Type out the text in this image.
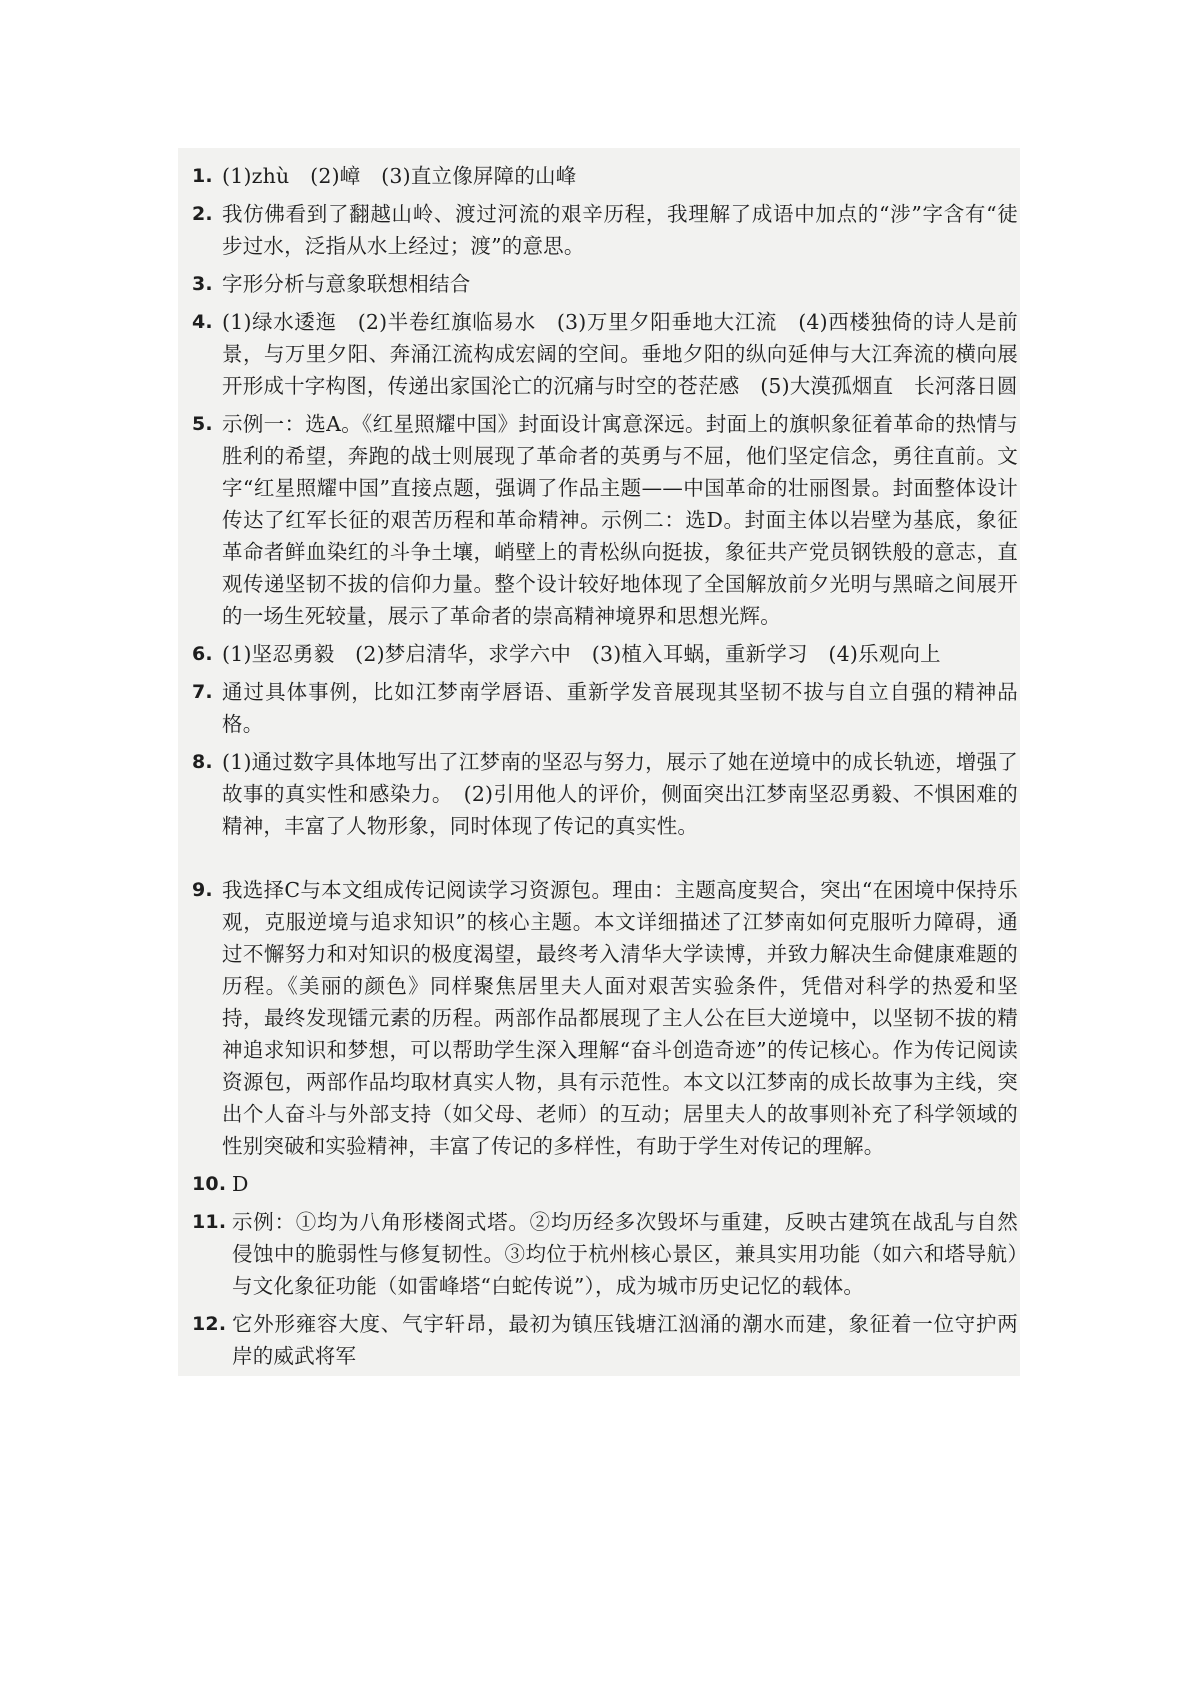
1. (1)zhù　(2)嶂　(3)直立像屏障的山峰
2. 我仿佛看到了翻越山岭、渡过河流的艰辛历程，我理解了成语中加点的“涉”字含有“徒步过水，泛指从水上经过；渡”的意思。
3. 字形分析与意象联想相结合
4. (1)绿水逶迤　(2)半卷红旗临易水　(3)万里夕阳垂地大江流　(4)西楼独倚的诗人是前景，与万里夕阳、奔涌江流构成宏阔的空间。垂地夕阳的纵向延伸与大江奔流的横向展开形成十字构图，传递出家国沦亡的沉痛与时空的苍茫感　(5)大漠孤烟直　长河落日圆
5. 示例一：选A。《红星照耀中国》封面设计寓意深远。封面上的旗帜象征着革命的热情与胜利的希望，奔跑的战士则展现了革命者的英勇与不屈，他们坚定信念，勇往直前。文字“红星照耀中国”直接点题，强调了作品主题——中国革命的壮丽图景。封面整体设计传达了红军长征的艰苦历程和革命精神。示例二：选D。封面主体以岩壁为基底，象征革命者鲜血染红的斗争土壤，峭壁上的青松纵向挺拔，象征共产党员钢铁般的意志，直观传递坚韧不拔的信仰力量。整个设计较好地体现了全国解放前夕光明与黑暗之间展开的一场生死较量，展示了革命者的崇高精神境界和思想光辉。
6. (1)坚忍勇毅　(2)梦启清华，求学六中　(3)植入耳蜗，重新学习　(4)乐观向上
7. 通过具体事例，比如江梦南学唇语、重新学发音展现其坚韧不拔与自立自强的精神品格。
8. (1)通过数字具体地写出了江梦南的坚忍与努力，展示了她在逆境中的成长轨迹，增强了故事的真实性和感染力。　(2)引用他人的评价，侧面突出江梦南坚忍勇毅、不惧困难的精神，丰富了人物形象，同时体现了传记的真实性。
9. 我选择C与本文组成传记阅读学习资源包。理由：主题高度契合，突出“在困境中保持乐观，克服逆境与追求知识”的核心主题。本文详细描述了江梦南如何克服听力障碍，通过不懈努力和对知识的极度渴望，最终考入清华大学读博，并致力解决生命健康难题的历程。《美丽的颜色》同样聚焦居里夫人面对艰苦实验条件，凭借对科学的热爱和坚持，最终发现镭元素的历程。两部作品都展现了主人公在巨大逆境中，以坚韧不拔的精神追求知识和梦想，可以帮助学生深入理解“奋斗创造奇迹”的传记核心。作为传记阅读资源包，两部作品均取材真实人物，具有示范性。本文以江梦南的成长故事为主线，突出个人奋斗与外部支持（如父母、老师）的互动；居里夫人的故事则补充了科学领域的性别突破和实验精神，丰富了传记的多样性，有助于学生对传记的理解。
10. D
11. 示例：①均为八角形楼阁式塔。②均历经多次毁坏与重建，反映古建筑在战乱与自然侵蚀中的脆弱性与修复韧性。③均位于杭州核心景区，兼具实用功能（如六和塔导航）与文化象征功能（如雷峰塔“白蛇传说”），成为城市历史记忆的载体。
12. 它外形雍容大度、气宇轩昂，最初为镇压钱塘江汹涌的潮水而建，象征着一位守护两岸的威武将军
